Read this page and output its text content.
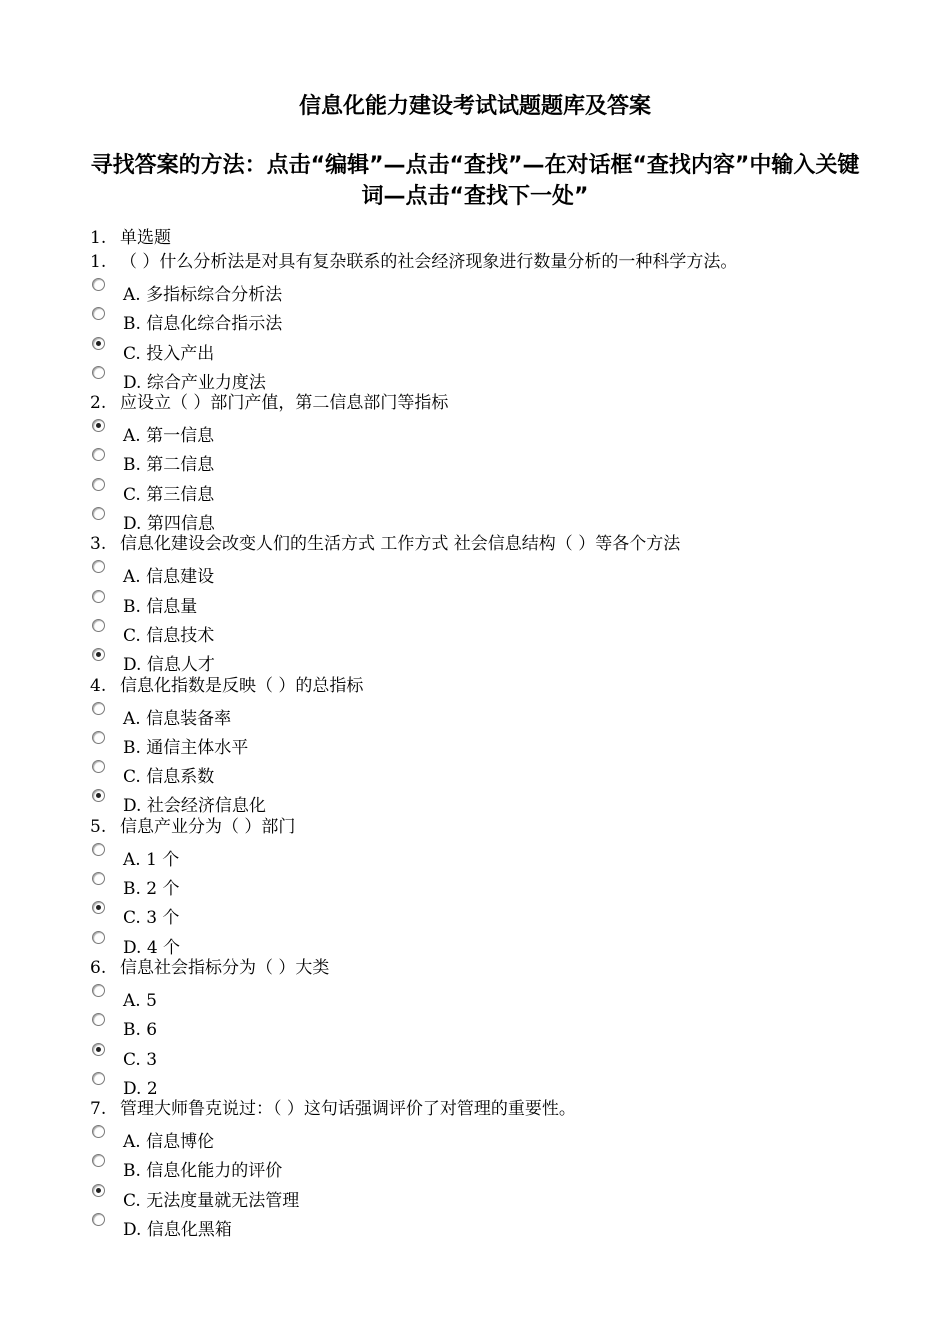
信息化能力建设考试试题题库及答案
寻找答案的方法：点击“编辑”—点击“查找”—在对话框“查找内容”中输入关键词—点击“查找下一处”
1. 单选题
1. （ ）什么分析法是对具有复杂联系的社会经济现象进行数量分析的一种科学方法。
A. 多指标综合分析法
B. 信息化综合指示法
C. 投入产出
D. 综合产业力度法
2. 应设立（ ）部门产值，第二信息部门等指标
A. 第一信息
B. 第二信息
C. 第三信息
D. 第四信息
3. 信息化建设会改变人们的生活方式 工作方式 社会信息结构（ ）等各个方法
A. 信息建设
B. 信息量
C. 信息技术
D. 信息人才
4. 信息化指数是反映（ ）的总指标
A. 信息装备率
B. 通信主体水平
C. 信息系数
D. 社会经济信息化
5. 信息产业分为（ ）部门
A. 1 个
B. 2 个
C. 3 个
D. 4 个
6. 信息社会指标分为（ ）大类
A. 5
B. 6
C. 3
D. 2
7. 管理大师鲁克说过：（ ）这句话强调评价了对管理的重要性。
A. 信息博伦
B. 信息化能力的评价
C. 无法度量就无法管理
D. 信息化黑箱
